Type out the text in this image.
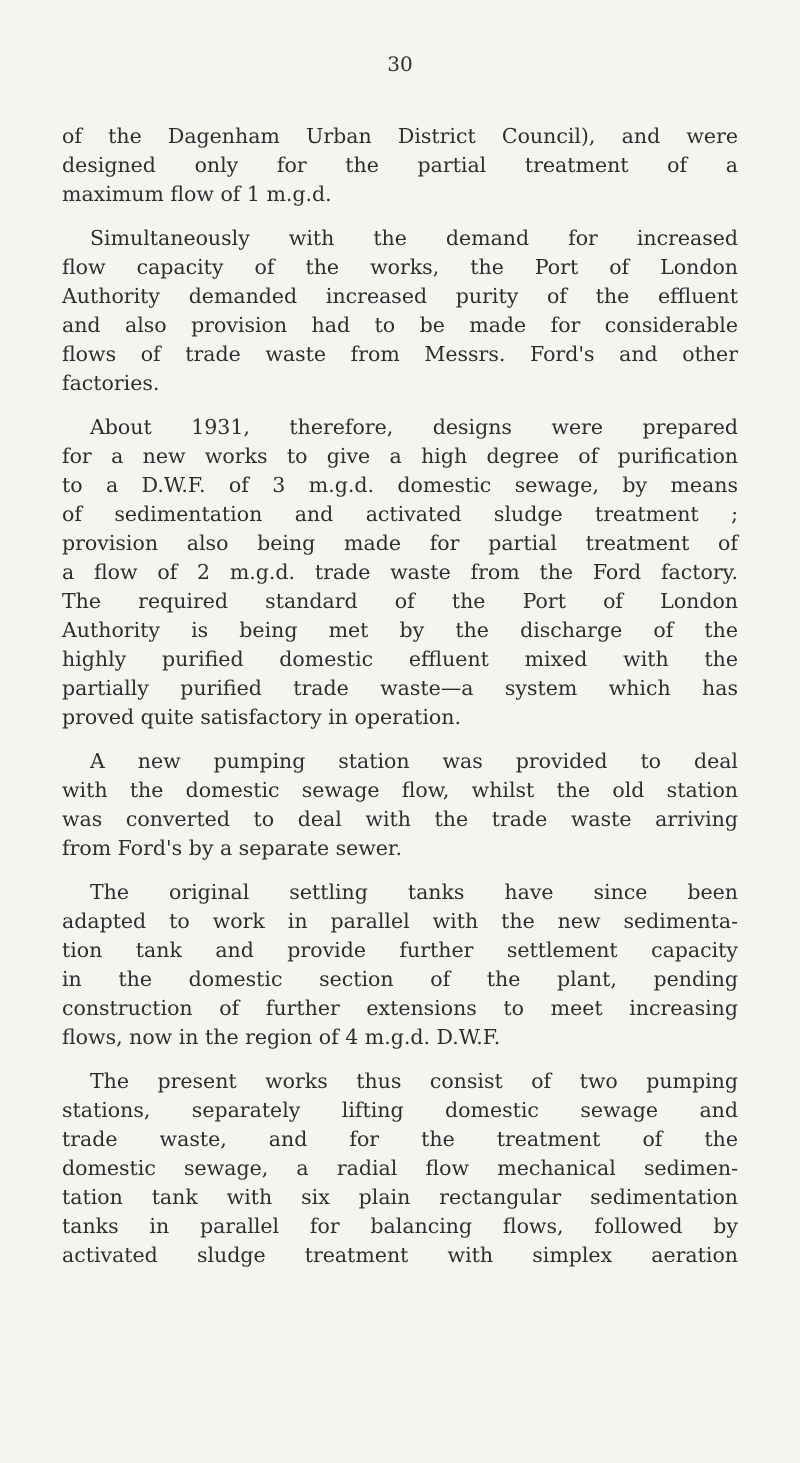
30
of the Dagenham Urban District Council), and were
designed only for the partial treatment of a
maximum flow of 1 m.g.d.
Simultaneously with the demand for increased
flow capacity of the works, the Port of London
Authority demanded increased purity of the effluent
and also provision had to be made for considerable
flows of trade waste from Messrs. Ford's and other
factories.
About 1931, therefore, designs were prepared
for a new works to give a high degree of purification
to a D.W.F. of 3 m.g.d. domestic sewage, by means
of sedimentation and activated sludge treatment ;
provision also being made for partial treatment of
a flow of 2 m.g.d. trade waste from the Ford factory.
The required standard of the Port of London
Authority is being met by the discharge of the
highly purified domestic effluent mixed with the
partially purified trade waste—a system which has
proved quite satisfactory in operation.
A new pumping station was provided to deal
with the domestic sewage flow, whilst the old station
was converted to deal with the trade waste arriving
from Ford's by a separate sewer.
The original settling tanks have since been
adapted to work in parallel with the new sedimenta-
tion tank and provide further settlement capacity
in the domestic section of the plant, pending
construction of further extensions to meet increasing
flows, now in the region of 4 m.g.d. D.W.F.
The present works thus consist of two pumping
stations, separately lifting domestic sewage and
trade waste, and for the treatment of the
domestic sewage, a radial flow mechanical sedimen-
tation tank with six plain rectangular sedimentation
tanks in parallel for balancing flows, followed by
activated sludge treatment with simplex aeration
